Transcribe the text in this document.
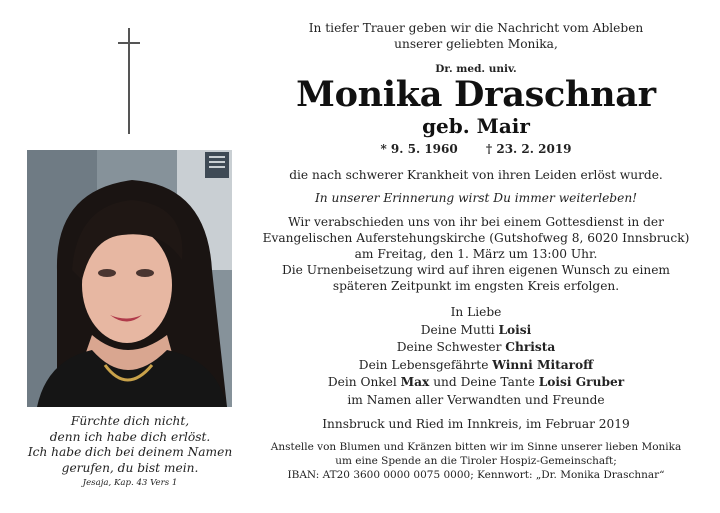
Fürchte dich nicht,
denn ich habe dich erlöst.
Ich habe dich bei deinem Namen
gerufen, du bist mein.
Jesaja, Kap. 43 Vers 1

In tiefer Trauer geben wir die Nachricht vom Ableben

unserer geliebten Monika,

Dr. med. univ.

Monika Draschnar

geb. Mair

* 9. 5. 1960 † 23. 2. 2019

die nach schwerer Krankheit von ihren Leiden erlöst wurde.

In unserer Erinnerung wirst Du immer weiterleben!

Wir verabschieden uns von ihr bei einem Gottesdienst in der

Evangelischen Auferstehungskirche (Gutshofweg 8, 6020 Innsbruck)

am Freitag, den 1. März um 13:00 Uhr.

Die Urnenbeisetzung wird auf ihren eigenen Wunsch zu einem

späteren Zeitpunkt im engsten Kreis erfolgen.

In Liebe

Deine Mutti Loisi

Deine Schwester Christa

Dein Lebensgefährte Winni Mitaroff

Dein Onkel Max und Deine Tante Loisi Gruber

im Namen aller Verwandten und Freunde

Innsbruck und Ried im Innkreis, im Februar 2019

Anstelle von Blumen und Kränzen bitten wir im Sinne unserer lieben Monika

um eine Spende an die Tiroler Hospiz-Gemeinschaft;

IBAN: AT20 3600 0000 0075 0000; Kennwort: „Dr. Monika Draschnar“
